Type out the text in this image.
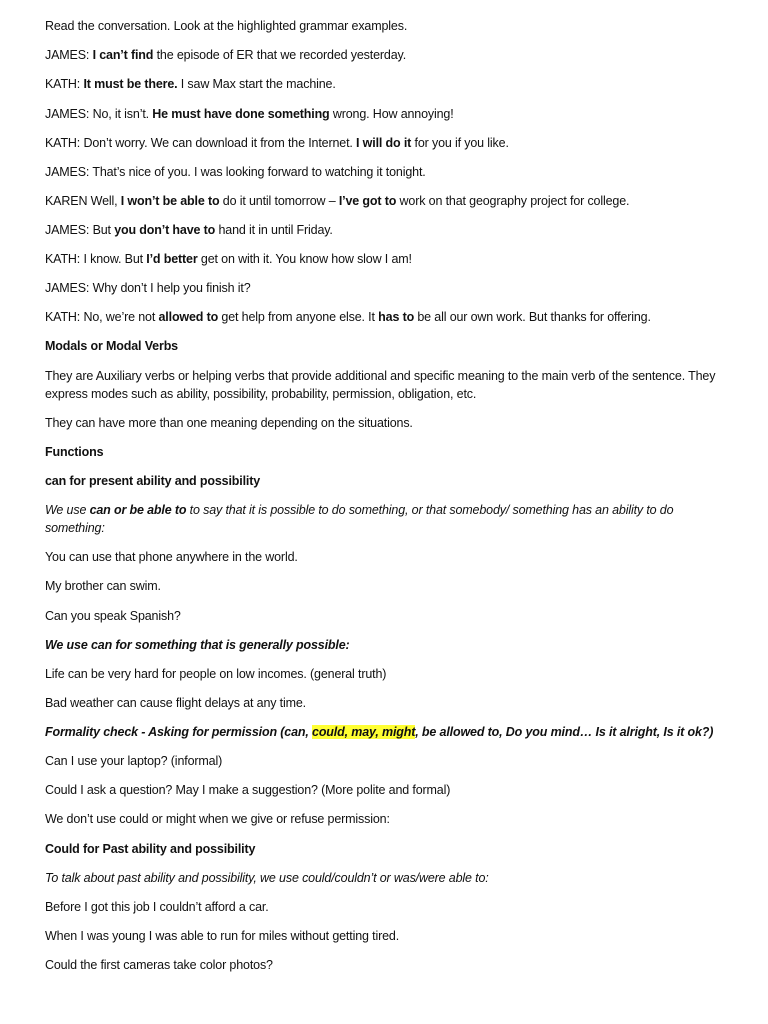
Read the conversation. Look at the highlighted grammar examples.
JAMES: I can’t find the episode of ER that we recorded yesterday.
KATH: It must be there. I saw Max start the machine.
JAMES: No, it isn’t. He must have done something wrong. How annoying!
KATH: Don’t worry. We can download it from the Internet. I will do it for you if you like.
JAMES: That’s nice of you. I was looking forward to watching it tonight.
KAREN Well, I won’t be able to do it until tomorrow – I’ve got to work on that geography project for college.
JAMES: But you don’t have to hand it in until Friday.
KATH: I know. But I’d better get on with it. You know how slow I am!
JAMES: Why don’t I help you finish it?
KATH: No, we’re not allowed to get help from anyone else. It has to be all our own work. But thanks for offering.
Modals or Modal Verbs
They are Auxiliary verbs or helping verbs that provide additional and specific meaning to the main verb of the sentence. They express modes such as ability, possibility, probability, permission, obligation, etc.
They can have more than one meaning depending on the situations.
Functions
can for present ability and possibility
We use can or be able to to say that it is possible to do something, or that somebody/ something has an ability to do something:
You can use that phone anywhere in the world.
My brother can swim.
Can you speak Spanish?
We use can for something that is generally possible:
Life can be very hard for people on low incomes. (general truth)
Bad weather can cause flight delays at any time.
Formality check - Asking for permission (can, could, may, might, be allowed to, Do you mind… Is it alright, Is it ok?)
Can I use your laptop? (informal)
Could I ask a question? May I make a suggestion? (More polite and formal)
We don’t use could or might when we give or refuse permission:
Could for Past ability and possibility
To talk about past ability and possibility, we use could/couldn’t or was/were able to:
Before I got this job I couldn’t afford a car.
When I was young I was able to run for miles without getting tired.
Could the first cameras take color photos?
